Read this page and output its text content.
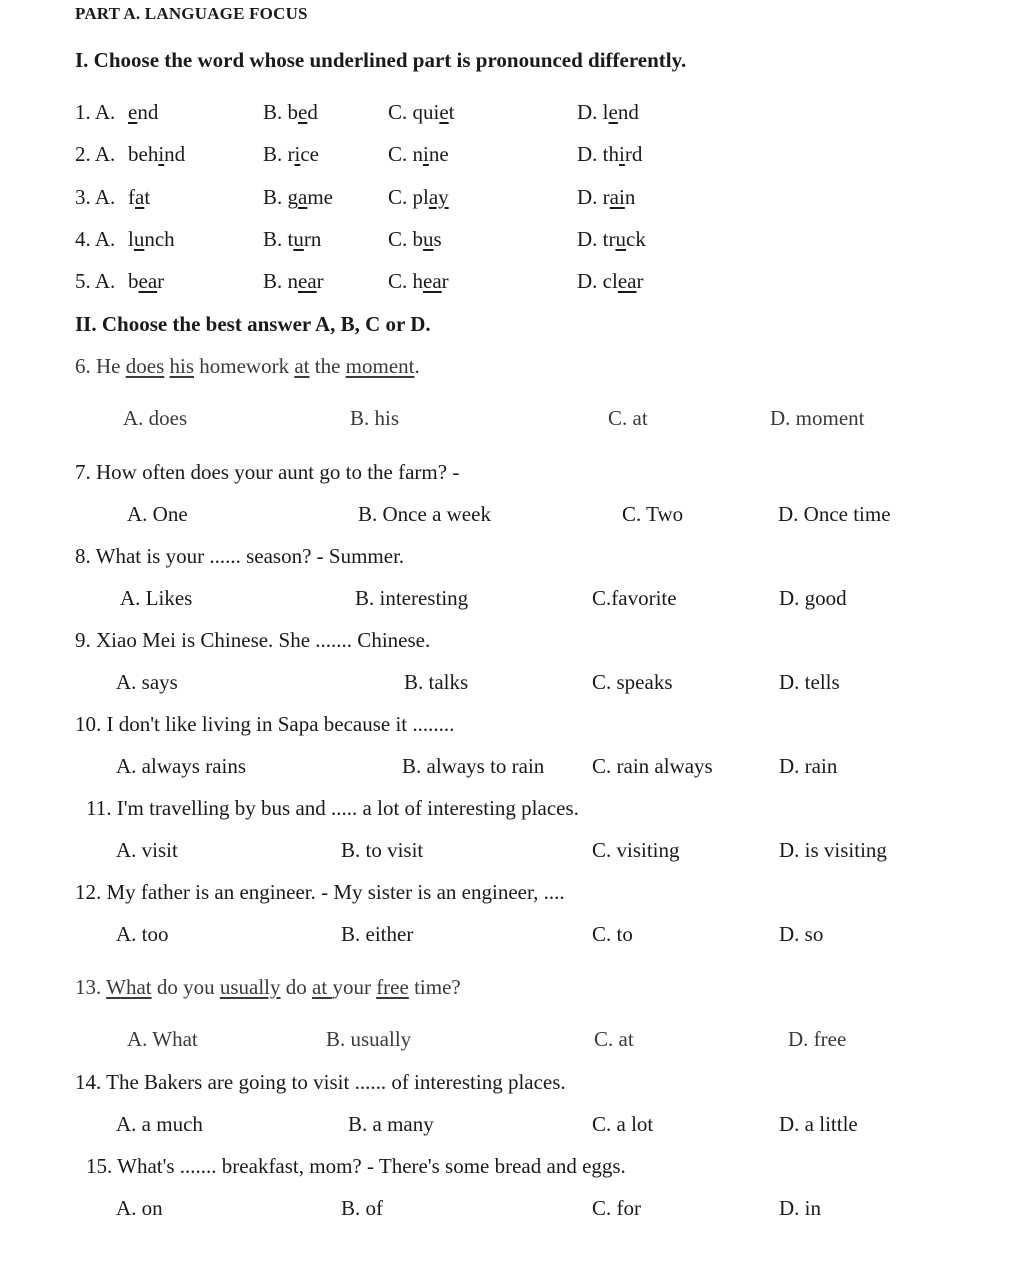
PART A. LANGUAGE FOCUS
I. Choose the word whose underlined part is pronounced differently.
1. A. end	B. bed	C. quiet	D. lend
2. A. behind	B. rice	C. nine	D. third
3. A. fat	B. game	C. play	D. rain
4. A. lunch	B. turn	C. bus	D. truck
5. A. bear	B. near	C. hear	D. clear
II. Choose the best answer A, B, C or D.
6. He does his homework at the moment.
A. does	B. his	C. at	D. moment
7. How often does your aunt go to the farm? -
A. One	B. Once a week	C. Two	D. Once time
8. What is your ...... season? - Summer.
A. Likes	B. interesting	C.favorite	D. good
9. Xiao Mei is Chinese. She ....... Chinese.
A. says	B. talks	C. speaks	D. tells
10. I don't like living in Sapa because it ........
A. always rains	B. always to rain C. rain always	D. rain
11. I'm travelling by bus and ..... a lot of interesting places.
A. visit	B. to visit	C. visiting	D. is visiting
12. My father is an engineer. - My sister is an engineer, ....
A. too	B. either	C. to	D. so
13. What do you usually do at your free time?
A. What	B. usually	C. at	D. free
14. The Bakers are going to visit ...... of interesting places.
A. a much	B. a many	C. a lot	D. a little
15. What's ....... breakfast, mom? - There's some bread and eggs.
A. on	B. of	C. for	D. in
